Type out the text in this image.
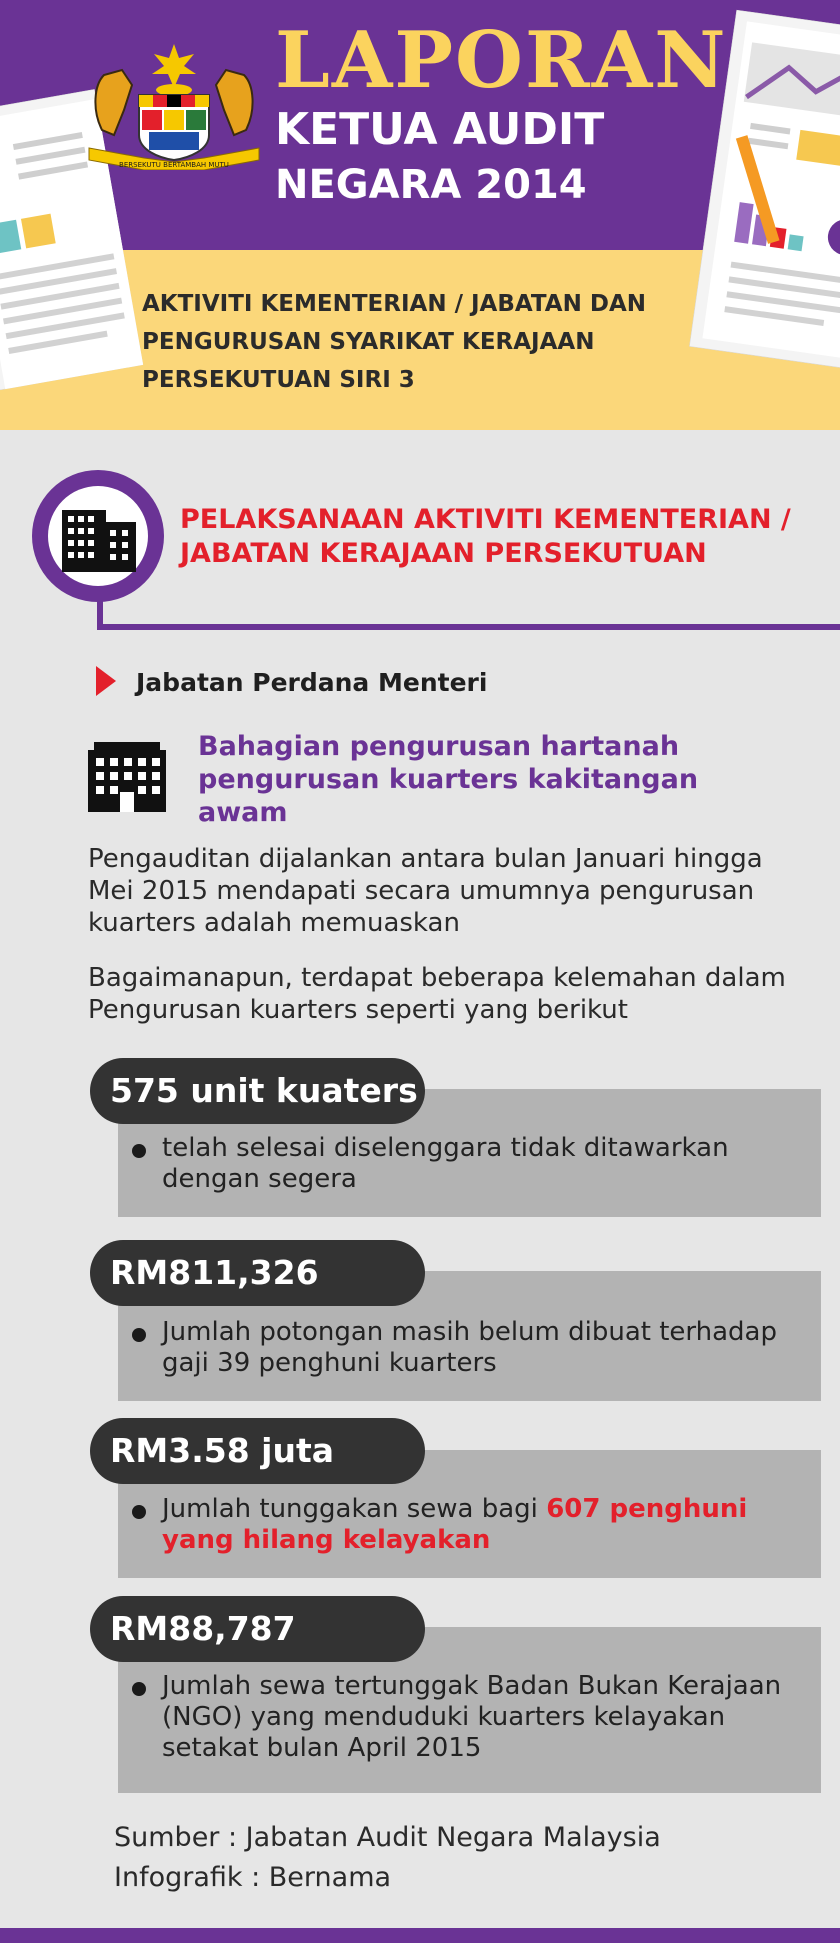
BERSEKUTU BERTAMBAH MUTU
LAPORAN
KETUA AUDIT
NEGARA 2014
AKTIVITI KEMENTERIAN / JABATAN DAN
PENGURUSAN SYARIKAT KERAJAAN
PERSEKUTUAN SIRI 3
PELAKSANAAN AKTIVITI KEMENTERIAN /
JABATAN KERAJAAN PERSEKUTUAN
Jabatan Perdana Menteri
Bahagian pengurusan hartanah
pengurusan kuarters kakitangan
awam
Pengauditan dijalankan antara bulan Januari hingga
Mei 2015 mendapati secara umumnya pengurusan
kuarters adalah memuaskan
Bagaimanapun, terdapat beberapa kelemahan dalam
Pengurusan kuarters seperti yang berikut
575 unit kuaters
telah selesai diselenggara tidak ditawarkan
dengan segera
RM811,326
Jumlah potongan masih belum dibuat terhadap
gaji 39 penghuni kuarters
RM3.58 juta
Jumlah tunggakan sewa bagi 607 penghuni
yang hilang kelayakan
RM88,787
Jumlah sewa tertunggak Badan Bukan Kerajaan
(NGO) yang menduduki kuarters kelayakan
setakat bulan April 2015
Sumber : Jabatan Audit Negara Malaysia
Infografik : Bernama
